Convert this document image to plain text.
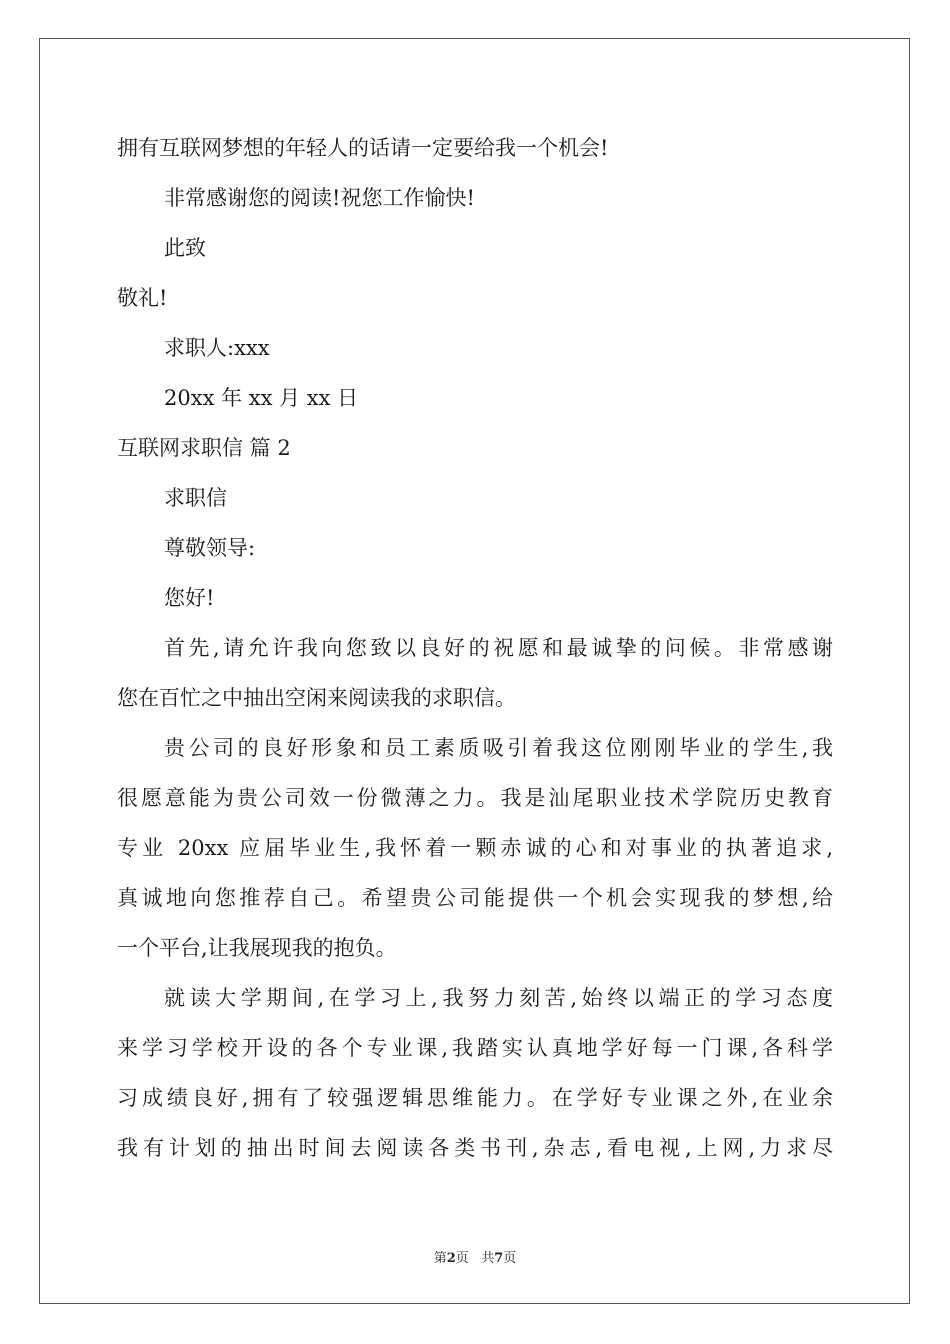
拥有互联网梦想的年轻人的话请一定要给我一个机会!
非常感谢您的阅读!祝您工作愉快!
此致
敬礼!
求职人:xxx
20xx 年 xx 月 xx 日
互联网求职信 篇 2
求职信
尊敬领导:
您好!
首先,请允许我向您致以良好的祝愿和最诚挚的问候。非常感谢
您在百忙之中抽出空闲来阅读我的求职信。
贵公司的良好形象和员工素质吸引着我这位刚刚毕业的学生,我
很愿意能为贵公司效一份微薄之力。我是汕尾职业技术学院历史教育
专业 20xx 应届毕业生,我怀着一颗赤诚的心和对事业的执著追求,
真诚地向您推荐自己。希望贵公司能提供一个机会实现我的梦想,给
一个平台,让我展现我的抱负。
就读大学期间,在学习上,我努力刻苦,始终以端正的学习态度
来学习学校开设的各个专业课,我踏实认真地学好每一门课,各科学
习成绩良好,拥有了较强逻辑思维能力。在学好专业课之外,在业余
我有计划的抽出时间去阅读各类书刊,杂志,看电视,上网,力求尽
第2页 共7页
